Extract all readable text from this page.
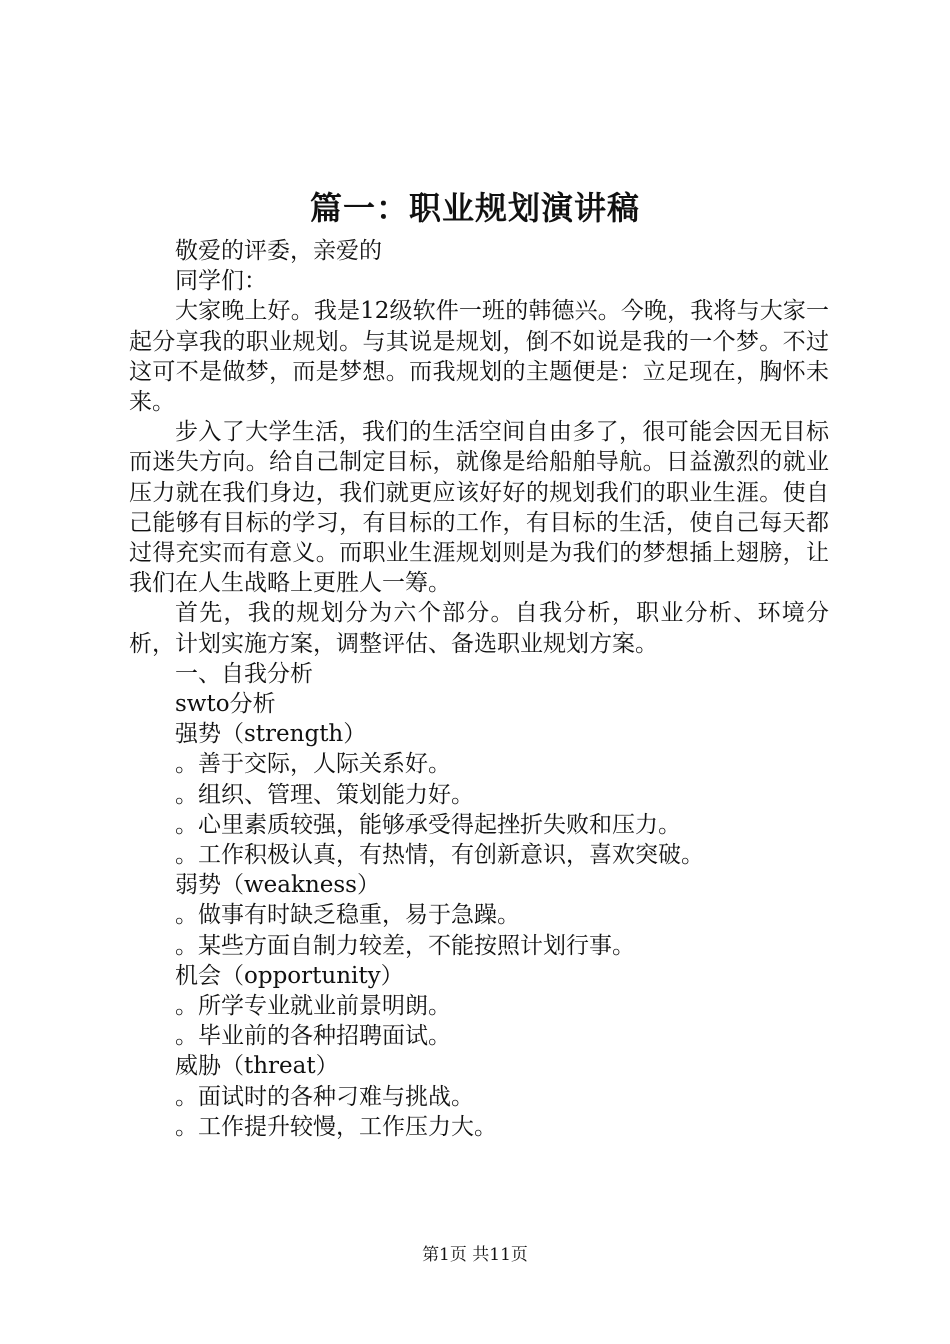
篇一：职业规划演讲稿

敬爱的评委，亲爱的

同学们：

大家晚上好。我是12级软件一班的韩德兴。今晚，我将与大家一起分享我的职业规划。与其说是规划，倒不如说是我的一个梦。不过这可不是做梦，而是梦想。而我规划的主题便是：立足现在，胸怀未来。

步入了大学生活，我们的生活空间自由多了，很可能会因无目标而迷失方向。给自己制定目标，就像是给船舶导航。日益激烈的就业压力就在我们身边，我们就更应该好好的规划我们的职业生涯。使自己能够有目标的学习，有目标的工作，有目标的生活，使自己每天都过得充实而有意义。而职业生涯规划则是为我们的梦想插上翅膀，让我们在人生战略上更胜人一筹。

首先，我的规划分为六个部分。自我分析，职业分析、环境分析，计划实施方案，调整评估、备选职业规划方案。

一、自我分析

swto分析

强势（strength）

。善于交际，人际关系好。

。组织、管理、策划能力好。

。心里素质较强，能够承受得起挫折失败和压力。

。工作积极认真，有热情，有创新意识，喜欢突破。

弱势（weakness）

。做事有时缺乏稳重，易于急躁。

。某些方面自制力较差，不能按照计划行事。

机会（opportunity）

。所学专业就业前景明朗。

。毕业前的各种招聘面试。

威胁（threat）

。面试时的各种刁难与挑战。

。工作提升较慢，工作压力大。

第1页 共11页
